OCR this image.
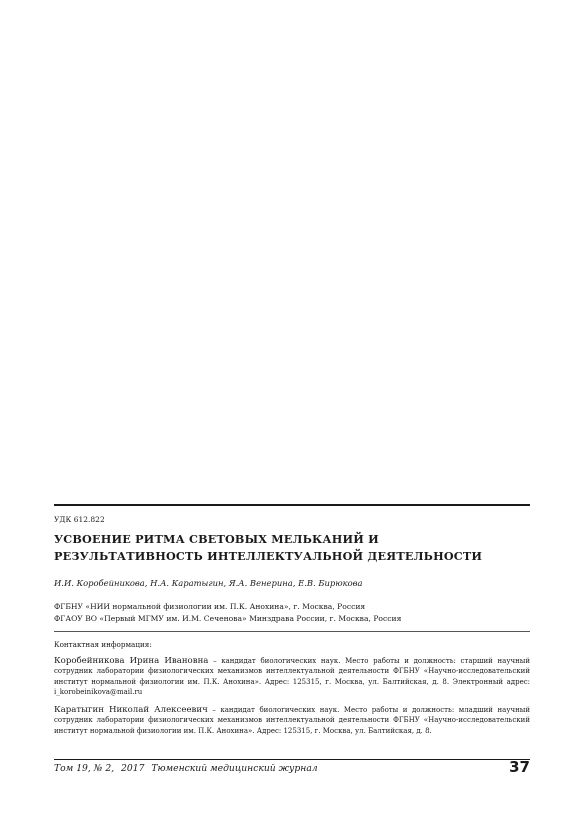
УДК 612.822
УСВОЕНИЕ РИТМА СВЕТОВЫХ МЕЛЬКАНИЙ И РЕЗУЛЬТАТИВНОСТЬ ИНТЕЛЛЕКТУАЛЬНОЙ ДЕЯТЕЛЬНОСТИ
И.И. Коробейникова, Н.А. Каратыгин, Я.А. Венерина, Е.В. Бирюкова
ФГБНУ «НИИ нормальной физиологии им. П.К. Анохина», г. Москва, Россия
ФГАОУ ВО «Первый МГМУ им. И.М. Сеченова» Минздрава России, г. Москва, Россия
Контактная информация:
Коробейникова Ирина Ивановна – кандидат биологических наук. Место работы и должность: старший научный сотрудник лаборатории физиологических механизмов интеллектуальной деятельности ФГБНУ «Научно-исследовательский институт нормальной физиологии им. П.К. Анохина». Адрес: 125315, г. Москва, ул. Балтийская, д. 8. Электронный адрес: i_korobeinikova@mail.ru
Каратыгин Николай Алексеевич – кандидат биологических наук. Место работы и должность: младший научный сотрудник лаборатории физиологических механизмов интеллектуальной деятельности ФГБНУ «Научно-исследовательский институт нормальной физиологии им. П.К. Анохина». Адрес: 125315, г. Москва, ул. Балтийская, д. 8.
Том 19, № 2, 2017 Тюменский медицинский журнал	37
